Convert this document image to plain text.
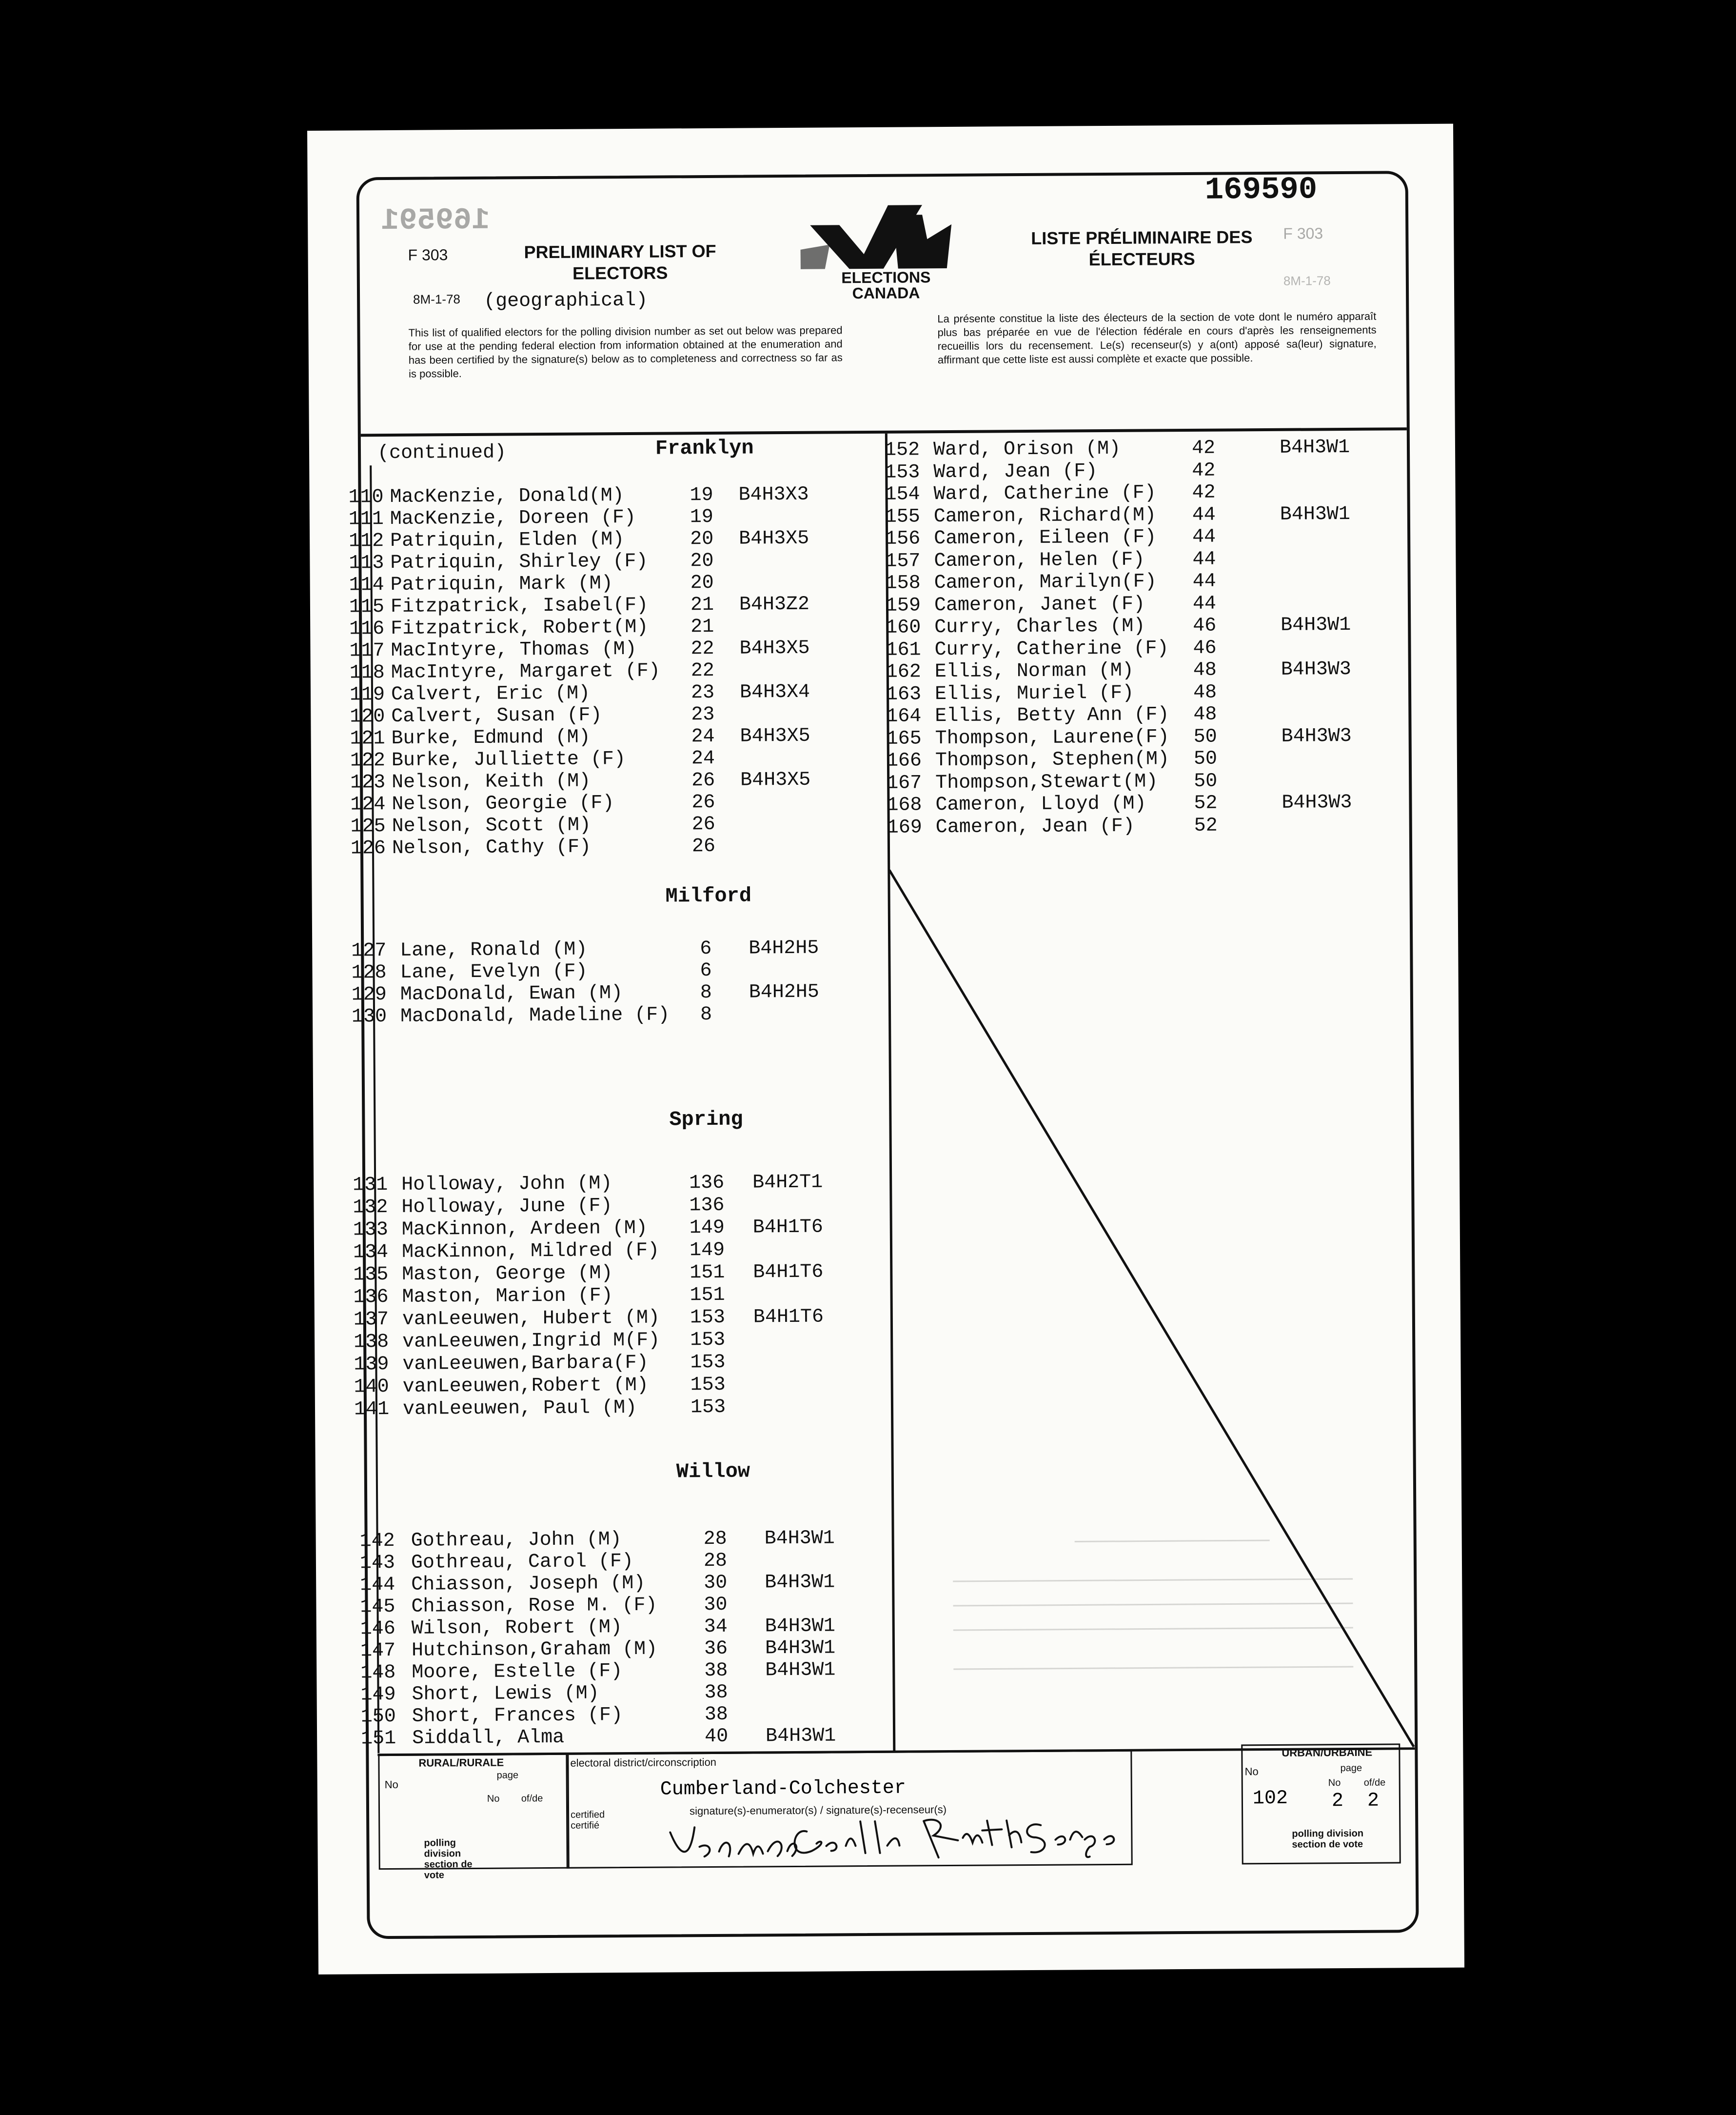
169590
169591
F 303
F 303
8M-1-78
8M-1-78
PRELIMINARY LIST OF ELECTORS
LISTE PRÉLIMINAIRE DES ÉLECTEURS
(geographical)
ELECTIONS CANADA
This list of qualified electors for the polling division number as set out below was prepared for use at the pending federal election from information obtained at the enumeration and has been certified by the signature(s) below as to completeness and correctness so far as is possible.
La présente constitue la liste des électeurs de la section de vote dont le numéro apparaît plus bas préparée en vue de l'élection fédérale en cours d'après les renseignements recueillis lors du recensement. Le(s) recenseur(s) y a(ont) apposé sa(leur) signature, affirmant que cette liste est aussi complète et exacte que possible.
(continued)	Franklyn
110 MacKenzie, Donald(M)	19 B4H3X3
111 MacKenzie, Doreen (F)	19
112 Patriquin, Elden (M)	20 B4H3X5
113 Patriquin, Shirley (F) 20
114 Patriquin, Mark (M)	20
115 Fitzpatrick, Isabel(F) 21 B4H3Z2
116 Fitzpatrick, Robert(M) 21
117 MacIntyre, Thomas (M)	22 B4H3X5
118 MacIntyre, Margaret (F) 22
119 Calvert, Eric (M)	23 B4H3X4
120 Calvert, Susan (F)	23
121 Burke, Edmund (M)	24 B4H3X5
122 Burke, Julliette (F)	24
123 Nelson, Keith (M)	26 B4H3X5
124 Nelson, Georgie (F)	26
125 Nelson, Scott (M)	26
126 Nelson, Cathy (F)	26
Milford
127 Lane, Ronald (M)	6 B4H2H5
128 Lane, Evelyn (F)	6
129 MacDonald, Ewan (M)	8 B4H2H5
130 MacDonald, Madeline (F) 8
Spring
131 Holloway, John (M)	136 B4H2T1
132 Holloway, June (F)	136
133 MacKinnon, Ardeen (M) 149 B4H1T6
134 MacKinnon, Mildred (F) 149
135 Maston, George (M)	151 B4H1T6
136 Maston, Marion (F)	151
137 vanLeeuwen, Hubert (M) 153 B4H1T6
138 vanLeeuwen,Ingrid M(F) 153
139 vanLeeuwen,Barbara(F) 153
140 vanLeeuwen,Robert (M) 153
141 vanLeeuwen, Paul (M)	153
Willow
142 Gothreau, John (M)	28 B4H3W1
143 Gothreau, Carol (F)	28
144 Chiasson, Joseph (M)	30 B4H3W1
145 Chiasson, Rose M. (F) 30
146 Wilson, Robert (M)	34 B4H3W1
147 Hutchinson,Graham (M) 36 B4H3W1
148 Moore, Estelle (F)	38 B4H3W1
149 Short, Lewis (M)	38
150 Short, Frances (F)	38
151 Siddall, Alma	40 B4H3W1
152 Ward, Orison (M)	42	B4H3W1
153 Ward, Jean (F)	42
154 Ward, Catherine (F) 42
155 Cameron, Richard(M) 44	B4H3W1
156 Cameron, Eileen (F) 44
157 Cameron, Helen (F) 44
158 Cameron, Marilyn(F) 44
159 Cameron, Janet (F) 44
160 Curry, Charles (M) 46	B4H3W1
161 Curry, Catherine (F) 46
162 Ellis, Norman (M)	48	B4H3W3
163 Ellis, Muriel (F)	48
164 Ellis, Betty Ann (F) 48
165 Thompson, Laurene(F) 50	B4H3W3
166 Thompson, Stephen(M) 50
167 Thompson,Stewart(M) 50
168 Cameron, Lloyd (M) 52	B4H3W3
169 Cameron, Jean (F)	52
RURAL/RURALE
No
page
No of/de
polling division section de vote
electoral district/circonscription
Cumberland-Colchester
certified certifié
signature(s)-enumerator(s) / signature(s)-recenseur(s)
URBAN/URBAINE
No	page
102
No of/de
2 2
polling division section de vote
